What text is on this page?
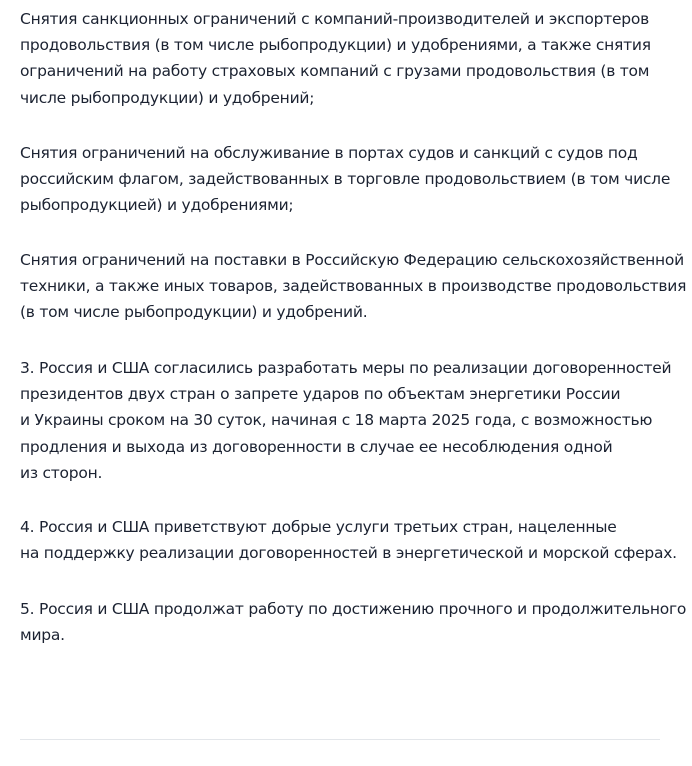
Снятия санкционных ограничений с компаний-производителей и экспортеров
продовольствия (в том числе рыбопродукции) и удобрениями, а также снятия
ограничений на работу страховых компаний с грузами продовольствия (в том
числе рыбопродукции) и удобрений;

Снятия ограничений на обслуживание в портах судов и санкций с судов под
российским флагом, задействованных в торговле продовольствием (в том числе
рыбопродукцией) и удобрениями;

Снятия ограничений на поставки в Российскую Федерацию сельскохозяйственной
техники, а также иных товаров, задействованных в производстве продовольствия
(в том числе рыбопродукции) и удобрений.

3. Россия и США согласились разработать меры по реализации договоренностей
президентов двух стран о запрете ударов по объектам энергетики России
и Украины сроком на 30 суток, начиная с 18 марта 2025 года, с возможностью
продления и выхода из договоренности в случае ее несоблюдения одной
из сторон.

4. Россия и США приветствуют добрые услуги третьих стран, нацеленные
на поддержку реализации договоренностей в энергетической и морской сферах.

5. Россия и США продолжат работу по достижению прочного и продолжительного
мира.
